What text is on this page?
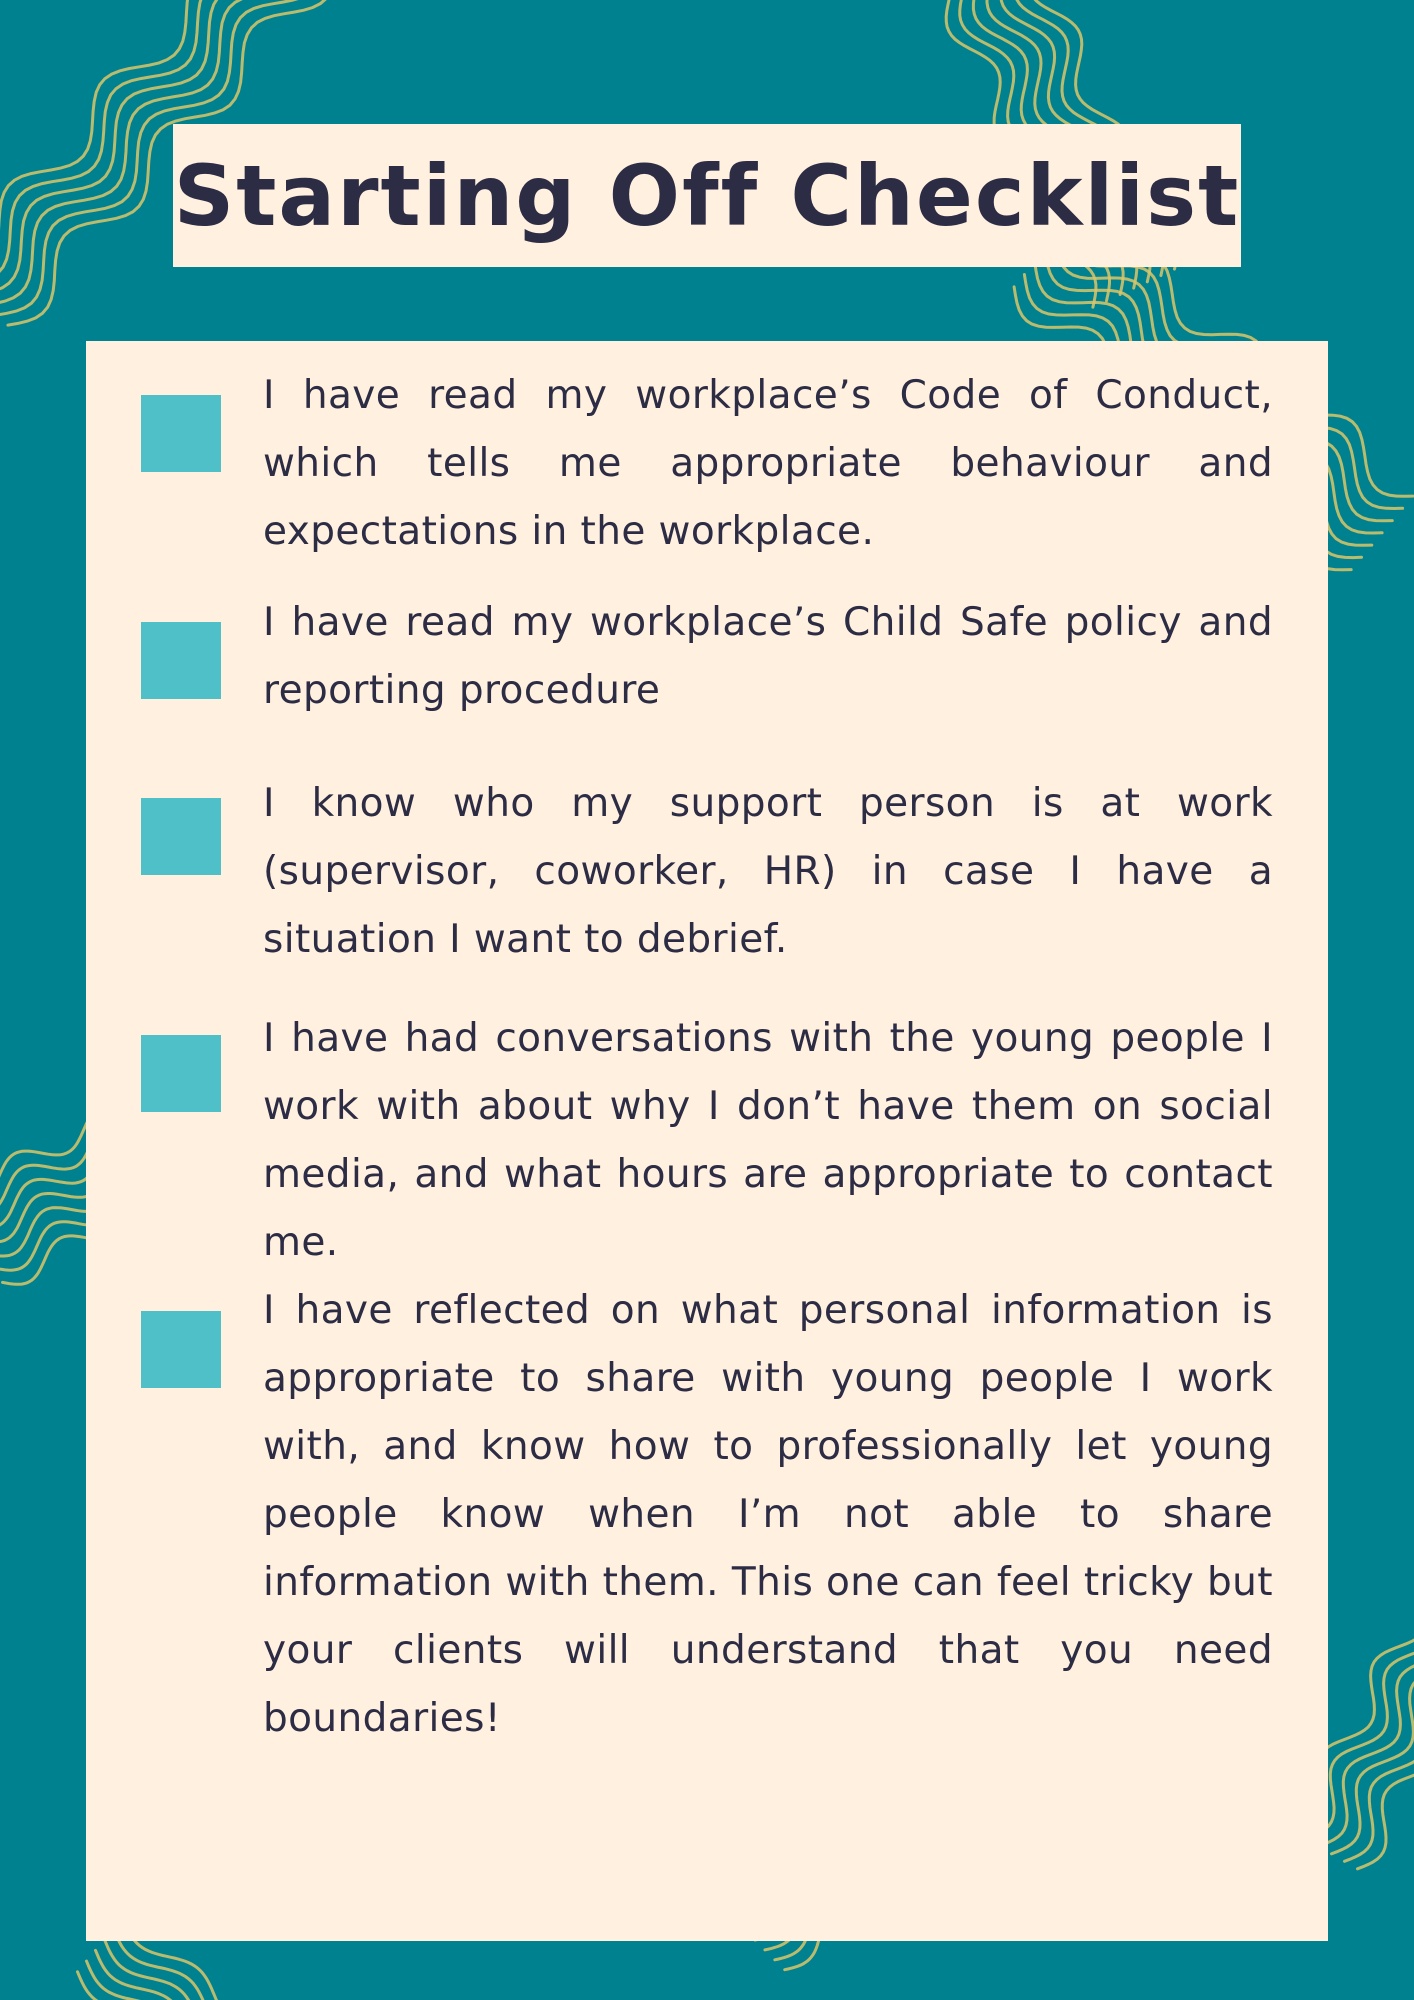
Starting Off Checklist

I have read my workplace’s Code of Conduct, which tells me appropriate behaviour and expectations in the workplace.

I have read my workplace’s Child Safe policy and reporting procedure

I know who my support person is at work (supervisor, coworker, HR) in case I have a situation I want to debrief.

I have had conversations with the young people I work with about why I don’t have them on social media, and what hours are appropriate to contact me.

I have reflected on what personal information is appropriate to share with young people I work with, and know how to professionally let young people know when I’m not able to share information with them. This one can feel tricky but your clients will understand that you need boundaries!
